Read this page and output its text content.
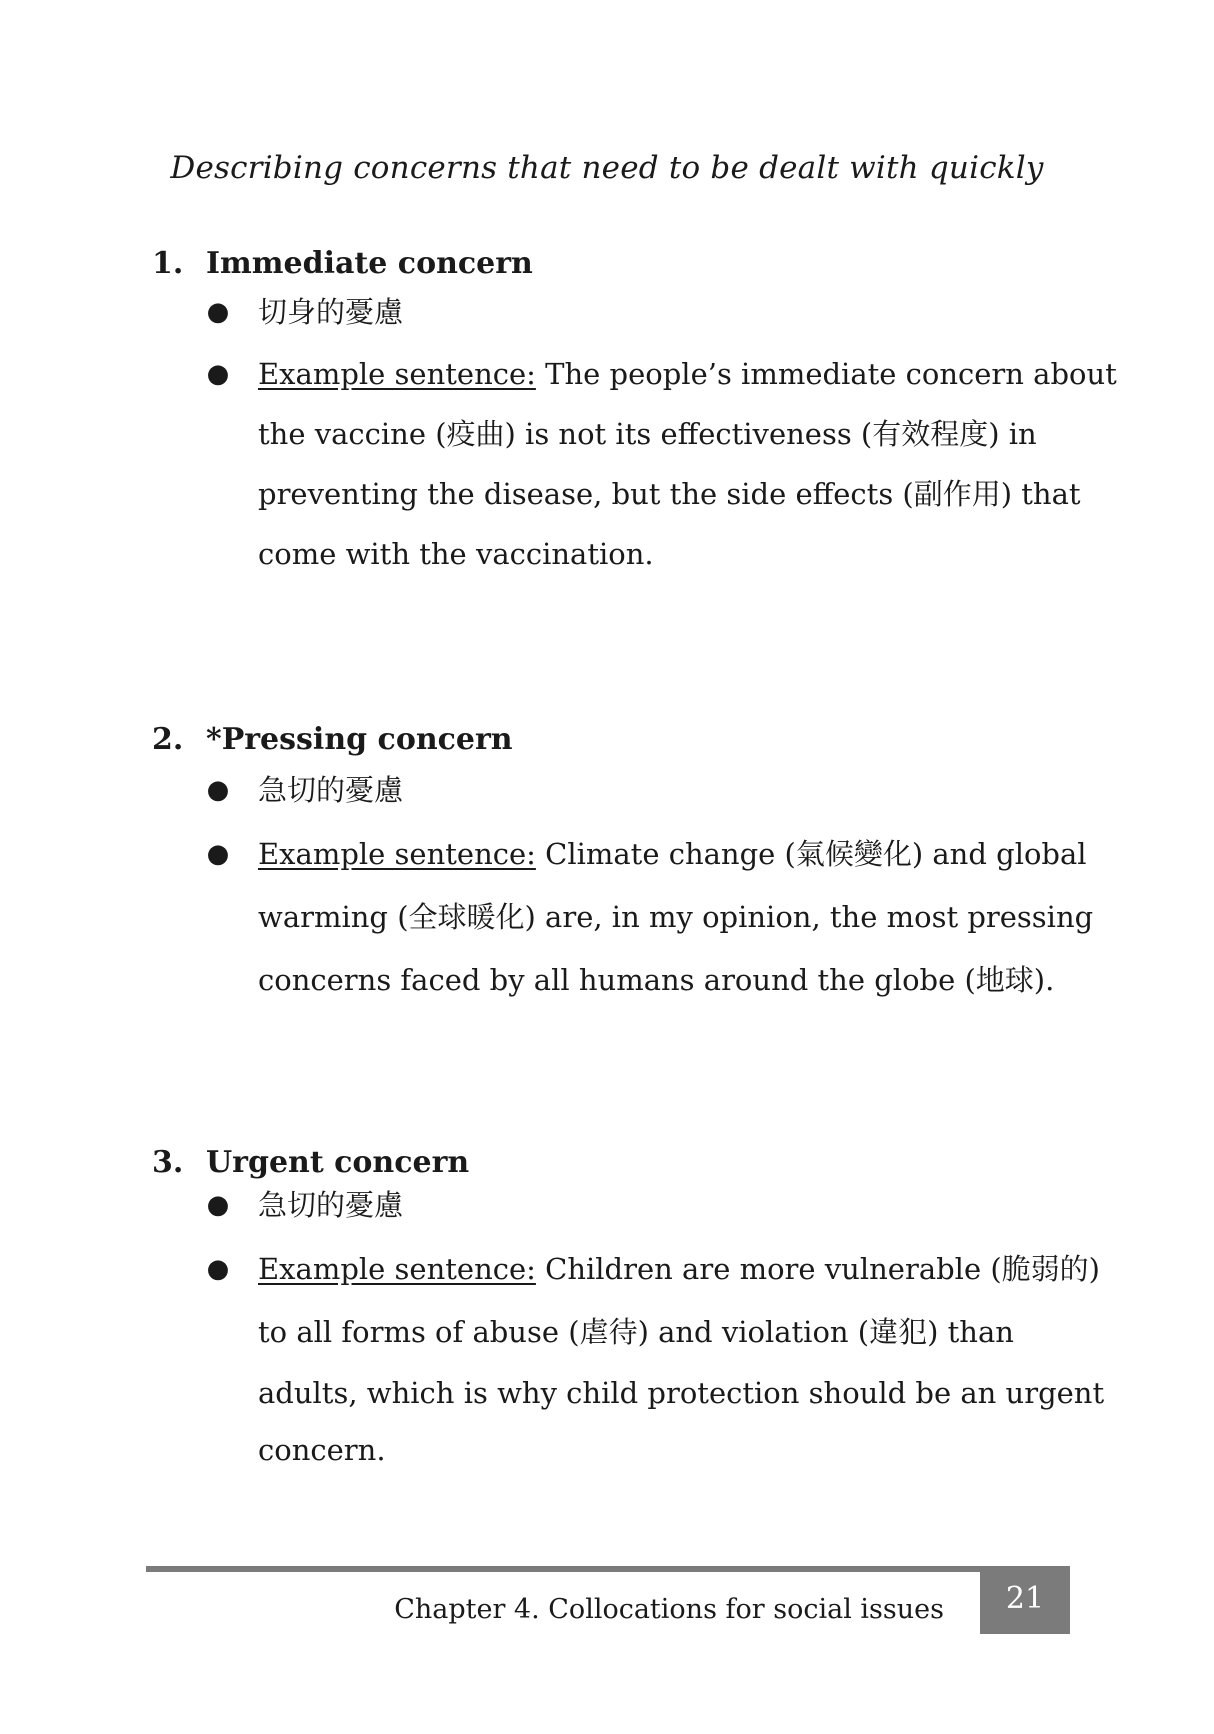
Describing concerns that need to be dealt with quickly
1. Immediate concern
● 切身的憂慮
● Example sentence: The people’s immediate concern about
the vaccine (疫曲) is not its effectiveness (有效程度) in
preventing the disease, but the side effects (副作用) that
come with the vaccination.
2. *Pressing concern
● 急切的憂慮
● Example sentence: Climate change (氣候變化) and global
warming (全球暖化) are, in my opinion, the most pressing
concerns faced by all humans around the globe (地球).
3. Urgent concern
● 急切的憂慮
● Example sentence: Children are more vulnerable (脆弱的)
to all forms of abuse (虐待) and violation (違犯) than
adults, which is why child protection should be an urgent
concern.
Chapter 4. Collocations for social issues	21
